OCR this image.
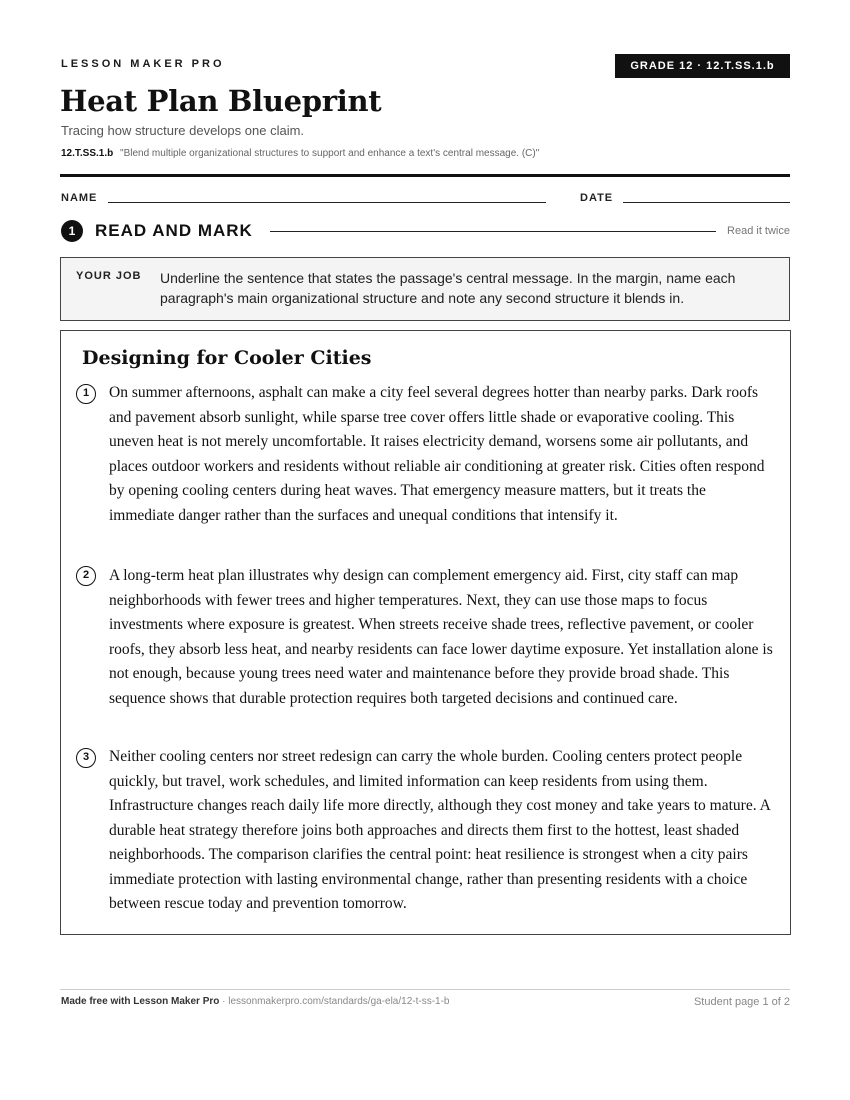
LESSON MAKER PRO	GRADE 12 · 12.T.SS.1.b
Heat Plan Blueprint
Tracing how structure develops one claim.
12.T.SS.1.b "Blend multiple organizational structures to support and enhance a text's central message. (C)"
NAME	DATE
1	READ AND MARK	Read it twice
YOUR JOB Underline the sentence that states the passage's central message. In the margin, name each paragraph's main organizational structure and note any second structure it blends in.
Designing for Cooler Cities
1	On summer afternoons, asphalt can make a city feel several degrees hotter than nearby parks. Dark roofs and pavement absorb sunlight, while sparse tree cover offers little shade or evaporative cooling. This uneven heat is not merely uncomfortable. It raises electricity demand, worsens some air pollutants, and places outdoor workers and residents without reliable air conditioning at greater risk. Cities often respond by opening cooling centers during heat waves. That emergency measure matters, but it treats the immediate danger rather than the surfaces and unequal conditions that intensify it.

2	A long-term heat plan illustrates why design can complement emergency aid. First, city staff can map neighborhoods with fewer trees and higher temperatures. Next, they can use those maps to focus investments where exposure is greatest. When streets receive shade trees, reflective pavement, or cooler roofs, they absorb less heat, and nearby residents can face lower daytime exposure. Yet installation alone is not enough, because young trees need water and maintenance before they provide broad shade. This sequence shows that durable protection requires both targeted decisions and continued care.

3	Neither cooling centers nor street redesign can carry the whole burden. Cooling centers protect people quickly, but travel, work schedules, and limited information can keep residents from using them. Infrastructure changes reach daily life more directly, although they cost money and take years to mature. A durable heat strategy therefore joins both approaches and directs them first to the hottest, least shaded neighborhoods. The comparison clarifies the central point: heat resilience is strongest when a city pairs immediate protection with lasting environmental change, rather than presenting residents with a choice between rescue today and prevention tomorrow.

Made free with Lesson Maker Pro · lessonmakerpro.com/standards/ga-ela/12-t-ss-1-b	Student page 1 of 2
